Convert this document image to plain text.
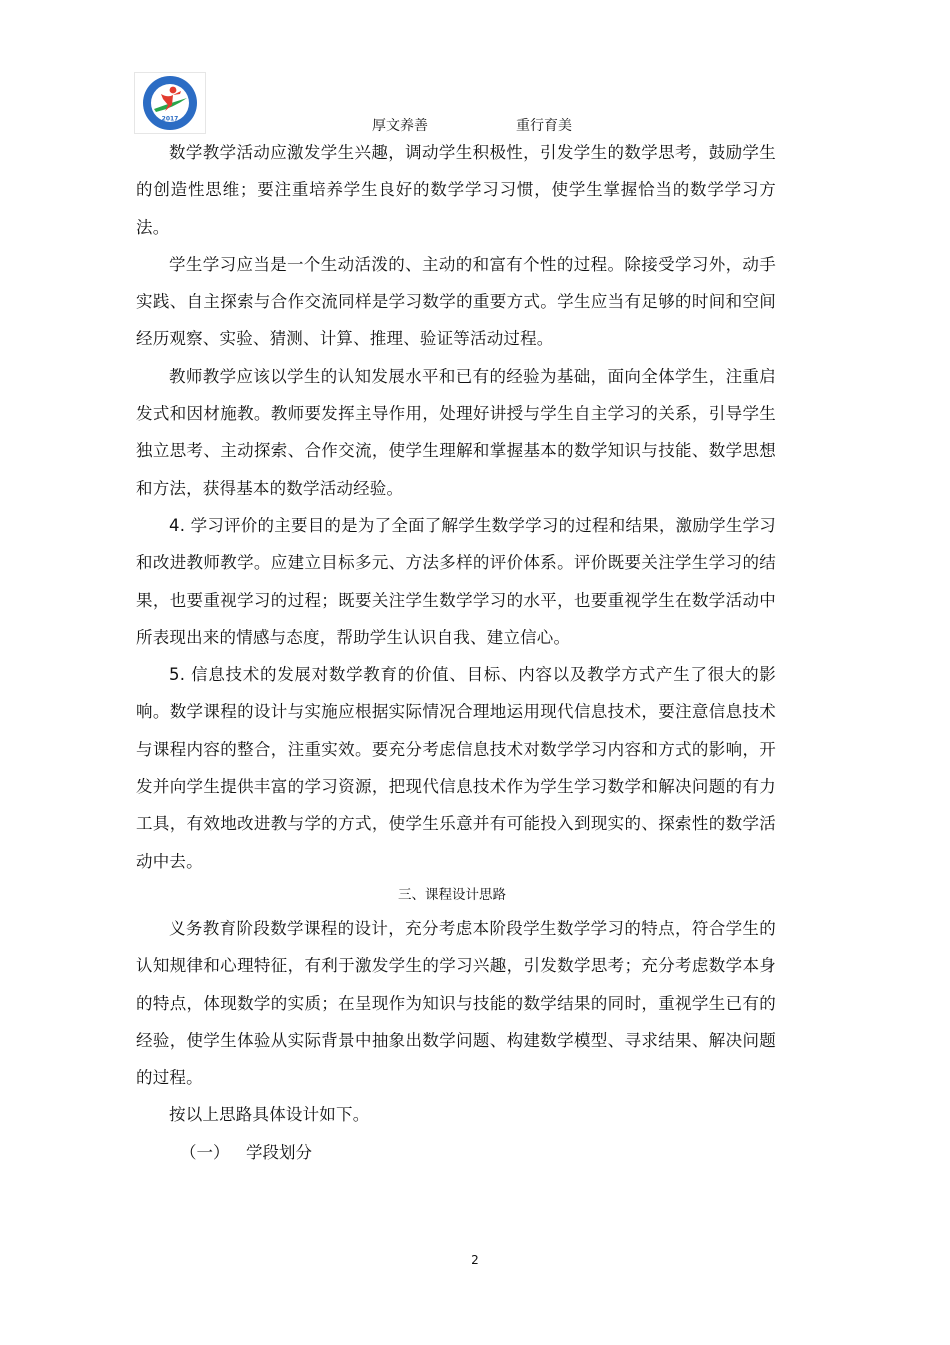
2017	厚文养善	重行育美

数学教学活动应激发学生兴趣，调动学生积极性，引发学生的数学思考，鼓励学生的创造性思维；要注重培养学生良好的数学学习习惯，使学生掌握恰当的数学学习方法。

学生学习应当是一个生动活泼的、主动的和富有个性的过程。除接受学习外，动手实践、自主探索与合作交流同样是学习数学的重要方式。学生应当有足够的时间和空间经历观察、实验、猜测、计算、推理、验证等活动过程。

教师教学应该以学生的认知发展水平和已有的经验为基础，面向全体学生，注重启发式和因材施教。教师要发挥主导作用，处理好讲授与学生自主学习的关系，引导学生独立思考、主动探索、合作交流，使学生理解和掌握基本的数学知识与技能、数学思想和方法，获得基本的数学活动经验。

4. 学习评价的主要目的是为了全面了解学生数学学习的过程和结果，激励学生学习和改进教师教学。应建立目标多元、方法多样的评价体系。评价既要关注学生学习的结果，也要重视学习的过程；既要关注学生数学学习的水平，也要重视学生在数学活动中所表现出来的情感与态度，帮助学生认识自我、建立信心。

5. 信息技术的发展对数学教育的价值、目标、内容以及教学方式产生了很大的影响。数学课程的设计与实施应根据实际情况合理地运用现代信息技术，要注意信息技术与课程内容的整合，注重实效。要充分考虑信息技术对数学学习内容和方式的影响，开发并向学生提供丰富的学习资源，把现代信息技术作为学生学习数学和解决问题的有力工具，有效地改进教与学的方式，使学生乐意并有可能投入到现实的、探索性的数学活动中去。

三、课程设计思路

义务教育阶段数学课程的设计，充分考虑本阶段学生数学学习的特点，符合学生的认知规律和心理特征，有利于激发学生的学习兴趣，引发数学思考；充分考虑数学本身的特点，体现数学的实质；在呈现作为知识与技能的数学结果的同时，重视学生已有的经验，使学生体验从实际背景中抽象出数学问题、构建数学模型、寻求结果、解决问题的过程。

按以上思路具体设计如下。

（一） 学段划分

2
